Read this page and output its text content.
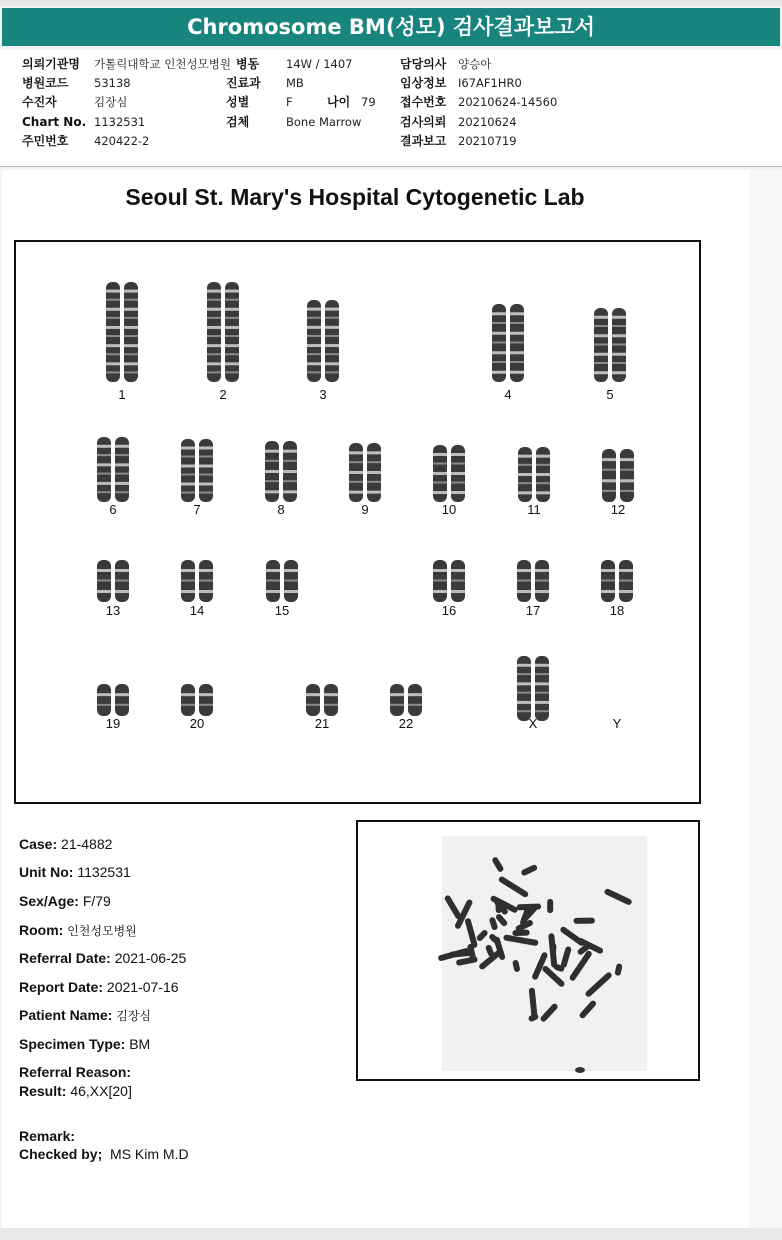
Chromosome BM(성모) 검사결과보고서
의뢰기관명 가톨릭대학교 인천성모병원
병원코드 53138
수진자	김장심
Chart No. 1132531
주민번호 420422-2
병동 14W / 1407
진료과 MB
성별	F	나이 79
검체	Bone Marrow
담당의사 양승아
임상정보 I67AF1HR0
접수번호 20210624-14560
검사의뢰 20210624
결과보고 20210719
Seoul St. Mary's Hospital Cytogenetic Lab
1	2	3	4	5
6	7	8	9	10	11	12
13	14	15	16	17	18
19	20	21	22	X	Y
Case: 21-4882
Unit No: 1132531
Sex/Age: F/79
Room: 인천성모병원
Referral Date: 2021-06-25
Report Date: 2021-07-16
Patient Name: 김장심
Specimen Type: BM
Referral Reason:
Result: 46,XX[20]
Remark:
Checked by; MS Kim M.D
